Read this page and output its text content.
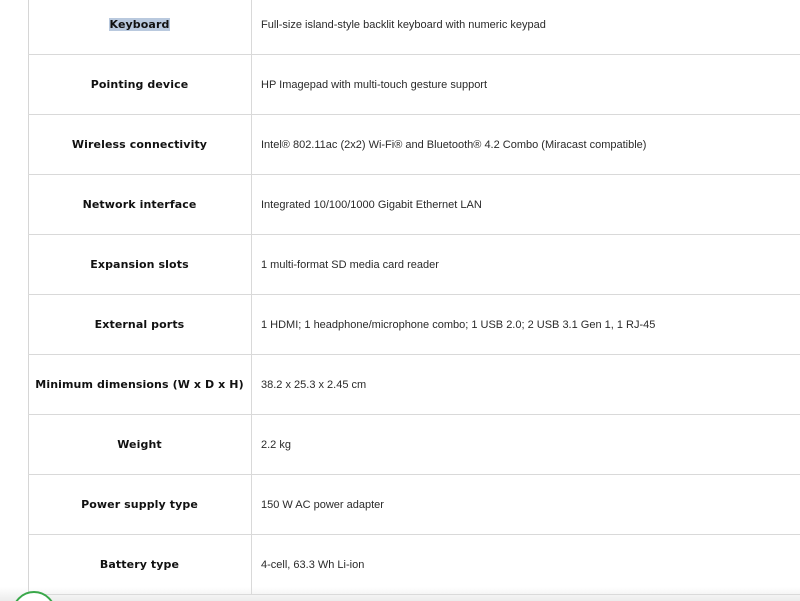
Keyboard	Full-size island-style backlit keyboard with numeric keypad
Pointing device	HP Imagepad with multi-touch gesture support
Wireless connectivity	Intel® 802.11ac (2x2) Wi-Fi® and Bluetooth® 4.2 Combo (Miracast compatible)
Network interface	Integrated 10/100/1000 Gigabit Ethernet LAN
Expansion slots	1 multi-format SD media card reader
External ports	1 HDMI; 1 headphone/microphone combo; 1 USB 2.0; 2 USB 3.1 Gen 1, 1 RJ-45
Minimum dimensions (W x D x H)	38.2 x 25.3 x 2.45 cm
Weight	2.2 kg
Power supply type	150 W AC power adapter
Battery type	4-cell, 63.3 Wh Li-ion
